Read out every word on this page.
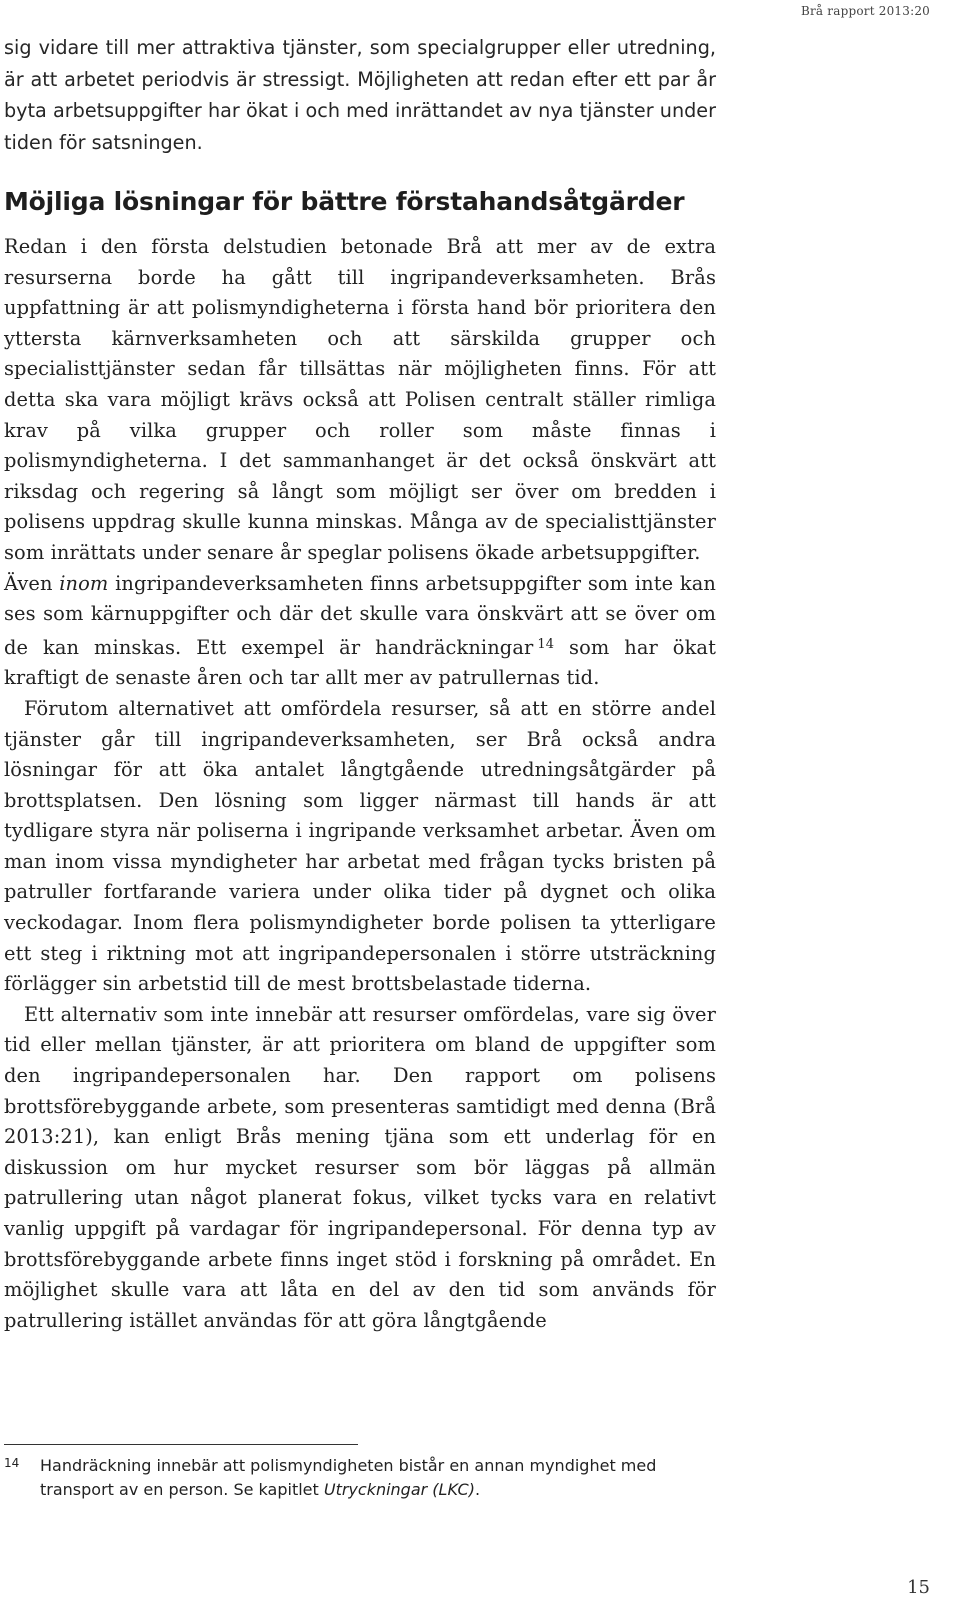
Brå rapport 2013:20

sig vidare till mer attraktiva tjänster, som specialgrupper eller utredning, är att arbetet periodvis är stressigt. Möjligheten att redan efter ett par år byta arbetsuppgifter har ökat i och med inrättandet av nya tjänster under tiden för satsningen.

Möjliga lösningar för bättre förstahandsåtgärder

Redan i den första delstudien betonade Brå att mer av de extra resurserna borde ha gått till ingripandeverksamheten. Brås uppfattning är att polismyndigheterna i första hand bör prioritera den yttersta kärnverksamheten och att särskilda grupper och specialisttjänster sedan får tillsättas när möjligheten finns. För att detta ska vara möjligt krävs också att Polisen centralt ställer rimliga krav på vilka grupper och roller som måste finnas i polismyndigheterna. I det sammanhanget är det också önskvärt att riksdag och regering så långt som möjligt ser över om bredden i polisens uppdrag skulle kunna minskas. Många av de specialisttjänster som inrättats under senare år speglar polisens ökade arbetsuppgifter.

Även inom ingripandeverksamheten finns arbetsuppgifter som inte kan ses som kärnuppgifter och där det skulle vara önskvärt att se över om de kan minskas. Ett exempel är handräckningar $^{14}$ som har ökat kraftigt de senaste åren och tar allt mer av patrullernas tid.

Förutom alternativet att omfördela resurser, så att en större andel tjänster går till ingripandeverksamheten, ser Brå också andra lösningar för att öka antalet långtgående utredningsåtgärder på brottsplatsen. Den lösning som ligger närmast till hands är att tydligare styra när poliserna i ingripande verksamhet arbetar. Även om man inom vissa myndigheter har arbetat med frågan tycks bristen på patruller fortfarande variera under olika tider på dygnet och olika veckodagar. Inom flera polismyndigheter borde polisen ta ytterligare ett steg i riktning mot att ingripandepersonalen i större utsträckning förlägger sin arbetstid till de mest brottsbelastade tiderna.

Ett alternativ som inte innebär att resurser omfördelas, vare sig över tid eller mellan tjänster, är att prioritera om bland de uppgifter som den ingripandepersonalen har. Den rapport om polisens brottsförebyggande arbete, som presenteras samtidigt med denna (Brå 2013:21), kan enligt Brås mening tjäna som ett underlag för en diskussion om hur mycket resurser som bör läggas på allmän patrullering utan något planerat fokus, vilket tycks vara en relativt vanlig uppgift på vardagar för ingripandepersonal. För denna typ av brottsförebyggande arbete finns inget stöd i forskning på området. En möjlighet skulle vara att låta en del av den tid som används för patrullering istället användas för att göra långtgående

14 Handräckning innebär att polismyndigheten bistår en annan myndighet med transport av en person. Se kapitlet Utryckningar (LKC).
15
